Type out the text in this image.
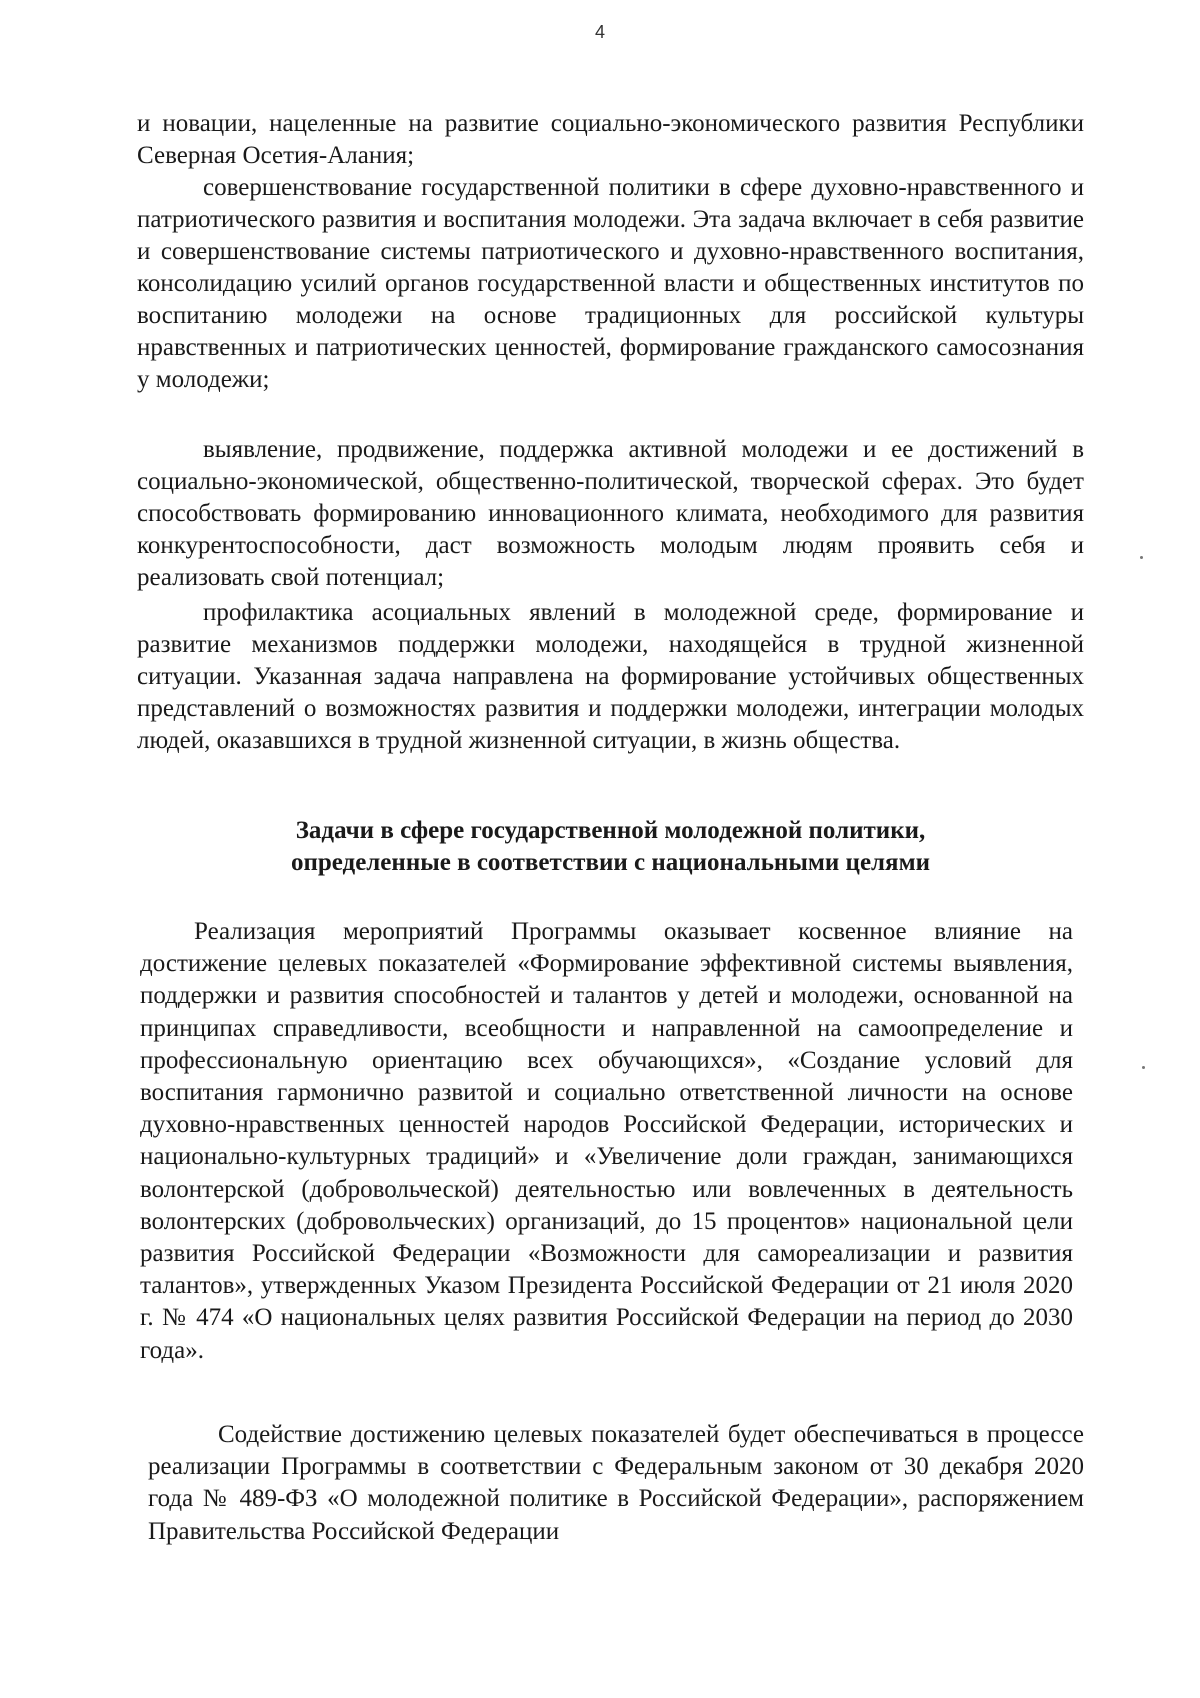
4

и новации, нацеленные на развитие социально-экономического развития Республики Северная Осетия-Алания;

совершенствование государственной политики в сфере духовно-нравственного и патриотического развития и воспитания молодежи. Эта задача включает в себя развитие и совершенствование системы патриотического и духовно-нравственного воспитания, консолидацию усилий органов государственной власти и общественных институтов по воспитанию молодежи на основе традиционных для российской культуры нравственных и патриотических ценностей, формирование гражданского самосознания у молодежи;

выявление, продвижение, поддержка активной молодежи и ее достижений в социально-экономической, общественно-политической, творческой сферах. Это будет способствовать формированию инновационного климата, необходимого для развития конкурентоспособности, даст возможность молодым людям проявить себя и реализовать свой потенциал;

профилактика асоциальных явлений в молодежной среде, формирование и развитие механизмов поддержки молодежи, находящейся в трудной жизненной ситуации. Указанная задача направлена на формирование устойчивых общественных представлений о возможностях развития и поддержки молодежи, интеграции молодых людей, оказавшихся в трудной жизненной ситуации, в жизнь общества.

Задачи в сфере государственной молодежной политики,
определенные в соответствии с национальными целями

Реализация мероприятий Программы оказывает косвенное влияние на достижение целевых показателей «Формирование эффективной системы выявления, поддержки и развития способностей и талантов у детей и молодежи, основанной на принципах справедливости, всеобщности и направленной на самоопределение и профессиональную ориентацию всех обучающихся», «Создание условий для воспитания гармонично развитой и социально ответственной личности на основе духовно-нравственных ценностей народов Российской Федерации, исторических и национально-культурных традиций» и «Увеличение доли граждан, занимающихся волонтерской (добровольческой) деятельностью или вовлеченных в деятельность волонтерских (добровольческих) организаций, до 15 процентов» национальной цели развития Российской Федерации «Возможности для самореализации и развития талантов», утвержденных Указом Президента Российской Федерации от 21 июля 2020 г. № 474 «О национальных целях развития Российской Федерации на период до 2030 года».

Содействие достижению целевых показателей будет обеспечиваться в процессе реализации Программы в соответствии с Федеральным законом от 30 декабря 2020 года № 489-ФЗ «О молодежной политике в Российской Федерации», распоряжением Правительства Российской Федерации
